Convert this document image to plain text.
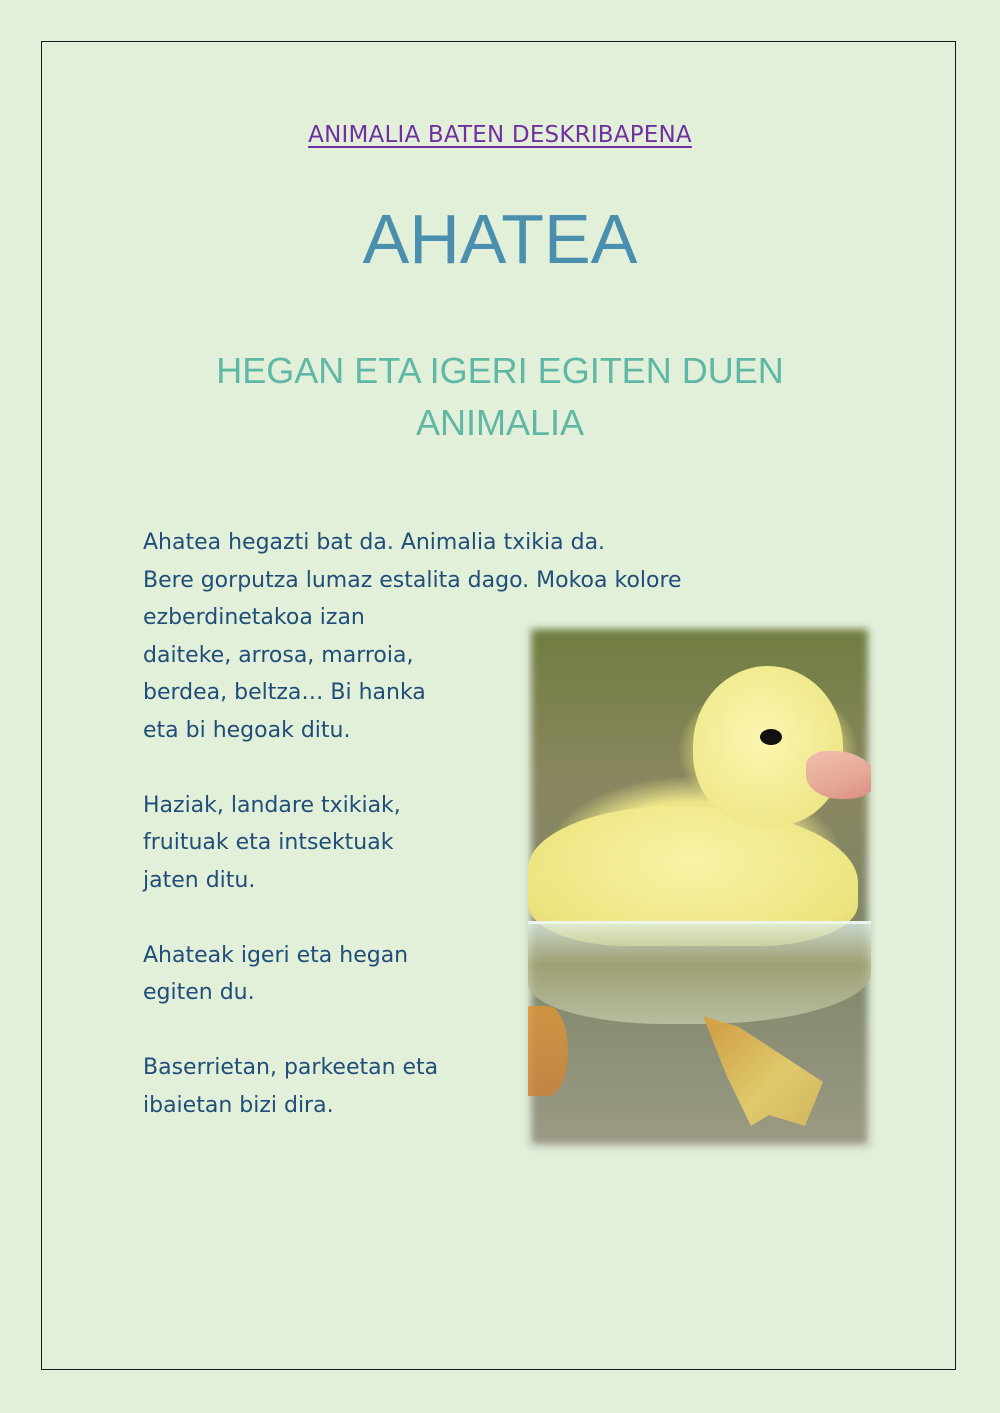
ANIMALIA BATEN DESKRIBAPENA
AHATEA
HEGAN ETA IGERI EGITEN DUEN
ANIMALIA
Ahatea hegazti bat da. Animalia txikia da.
Bere gorputza lumaz estalita dago. Mokoa kolore
ezberdinetakoa izan
daiteke, arrosa, marroia,
berdea, beltza… Bi hanka
eta bi hegoak ditu.
Haziak, landare txikiak,
fruituak eta intsektuak
jaten ditu.
Ahateak igeri eta hegan
egiten du.
Baserrietan, parkeetan eta
ibaietan bizi dira.
